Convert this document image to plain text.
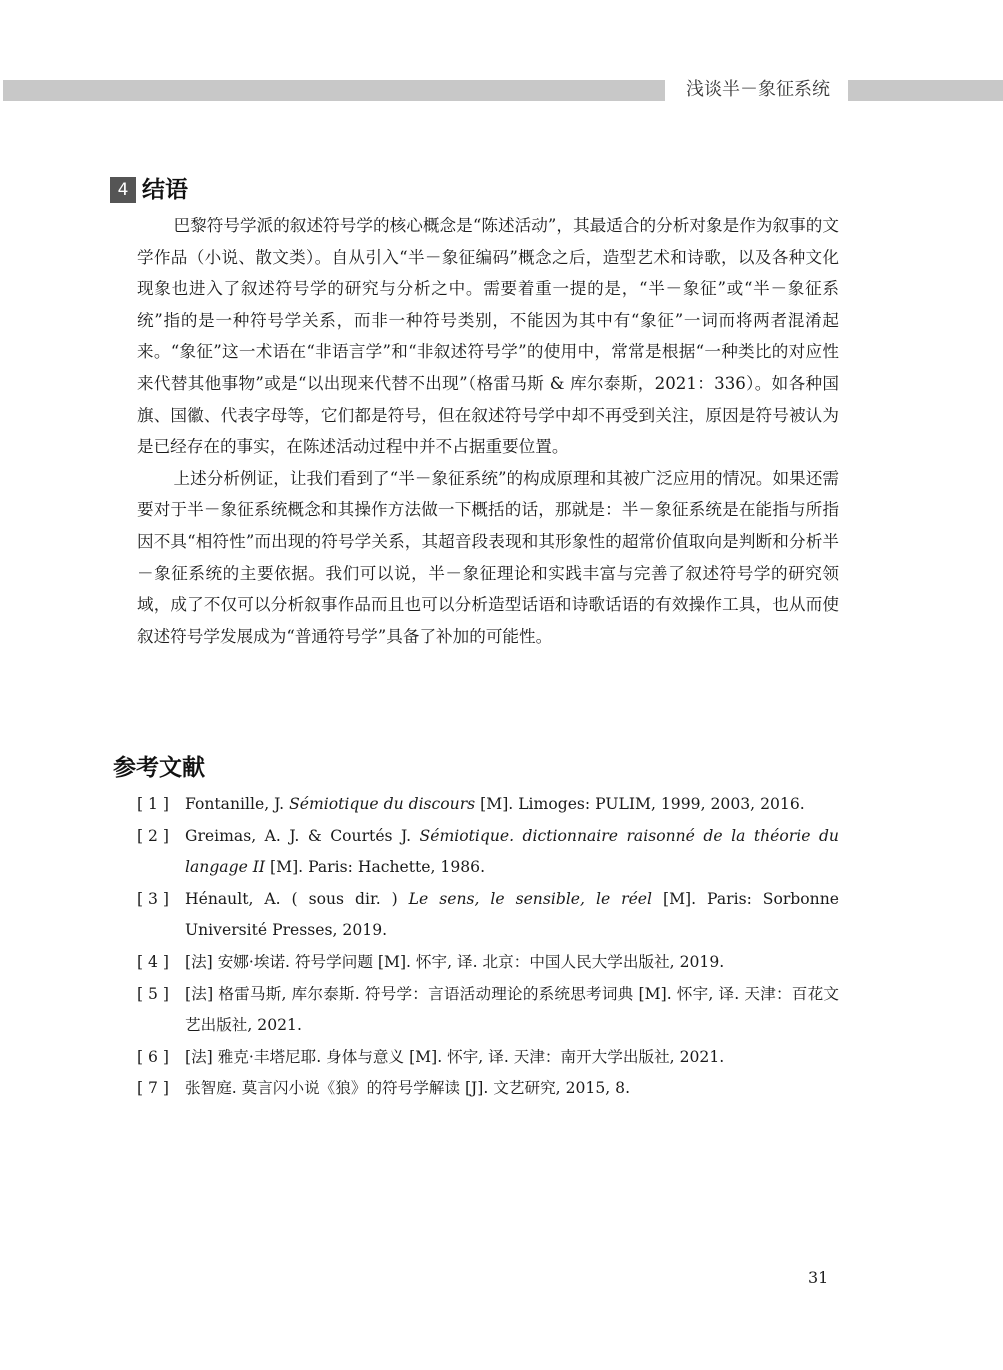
浅谈半－象征系统
4 结语

巴黎符号学派的叙述符号学的核心概念是“陈述活动”，其最适合的分析对象是作为叙事的文学作品（小说、散文类）。自从引入“半－象征编码”概念之后，造型艺术和诗歌，以及各种文化现象也进入了叙述符号学的研究与分析之中。需要着重一提的是，“半－象征”或“半－象征系统”指的是一种符号学关系，而非一种符号类别，不能因为其中有“象征”一词而将两者混淆起来。“象征”这一术语在“非语言学”和“非叙述符号学”的使用中，常常是根据“一种类比的对应性来代替其他事物”或是“以出现来代替不出现”（格雷马斯 & 库尔泰斯，2021：336）。如各种国旗、国徽、代表字母等，它们都是符号，但在叙述符号学中却不再受到关注，原因是符号被认为是已经存在的事实，在陈述活动过程中并不占据重要位置。

上述分析例证，让我们看到了“半－象征系统”的构成原理和其被广泛应用的情况。如果还需要对于半－象征系统概念和其操作方法做一下概括的话，那就是：半－象征系统是在能指与所指因不具“相符性”而出现的符号学关系，其超音段表现和其形象性的超常价值取向是判断和分析半－象征系统的主要依据。我们可以说，半－象征理论和实践丰富与完善了叙述符号学的研究领域，成了不仅可以分析叙事作品而且也可以分析造型话语和诗歌话语的有效操作工具，也从而使叙述符号学发展成为“普通符号学”具备了补加的可能性。

参考文献
[ 1 ] Fontanille, J. Sémiotique du discours [M]. Limoges: PULIM, 1999, 2003, 2016.
[ 2 ] Greimas, A. J. & Courtés J. Sémiotique. dictionnaire raisonné de la théorie du langage II [M]. Paris: Hachette, 1986.
[ 3 ] Hénault, A. ( sous dir. ) Le sens, le sensible, le réel [M]. Paris: Sorbonne Université Presses, 2019.
[ 4 ] [法] 安娜·埃诺. 符号学问题 [M]. 怀宇, 译. 北京：中国人民大学出版社, 2019.
[ 5 ] [法] 格雷马斯, 库尔泰斯. 符号学：言语活动理论的系统思考词典 [M]. 怀宇, 译. 天津：百花文艺出版社, 2021.
[ 6 ] [法] 雅克·丰塔尼耶. 身体与意义 [M]. 怀宇, 译. 天津：南开大学出版社, 2021.
[ 7 ] 张智庭. 莫言闪小说《狼》的符号学解读 [J]. 文艺研究, 2015, 8.
31
